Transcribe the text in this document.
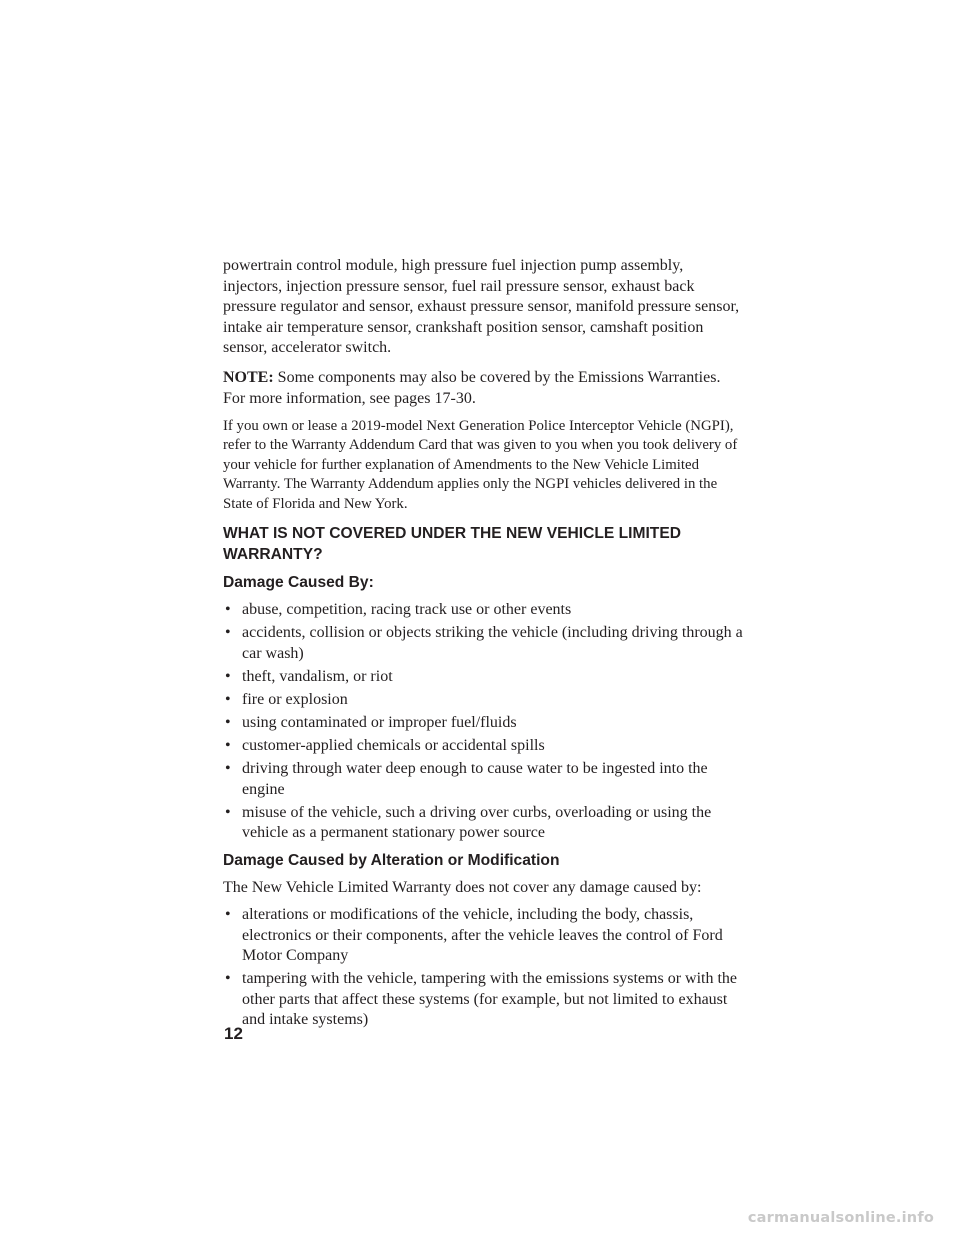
powertrain control module, high pressure fuel injection pump assembly, injectors, injection pressure sensor, fuel rail pressure sensor, exhaust back pressure regulator and sensor, exhaust pressure sensor, manifold pressure sensor, intake air temperature sensor, crankshaft position sensor, camshaft position sensor, accelerator switch.

NOTE: Some components may also be covered by the Emissions Warranties. For more information, see pages 17-30.

If you own or lease a 2019-model Next Generation Police Interceptor Vehicle (NGPI), refer to the Warranty Addendum Card that was given to you when you took delivery of your vehicle for further explanation of Amendments to the New Vehicle Limited Warranty. The Warranty Addendum applies only the NGPI vehicles delivered in the State of Florida and New York.

WHAT IS NOT COVERED UNDER THE NEW VEHICLE LIMITED WARRANTY?
Damage Caused By:
• abuse, competition, racing track use or other events
• accidents, collision or objects striking the vehicle (including driving through a car wash)
• theft, vandalism, or riot
• fire or explosion
• using contaminated or improper fuel/fluids
• customer-applied chemicals or accidental spills
• driving through water deep enough to cause water to be ingested into the engine
• misuse of the vehicle, such a driving over curbs, overloading or using the vehicle as a permanent stationary power source
Damage Caused by Alteration or Modification

The New Vehicle Limited Warranty does not cover any damage caused by:

• alterations or modifications of the vehicle, including the body, chassis, electronics or their components, after the vehicle leaves the control of Ford Motor Company
• tampering with the vehicle, tampering with the emissions systems or with the other parts that affect these systems (for example, but not limited to exhaust and intake systems)
12
carmanualsonline.info
